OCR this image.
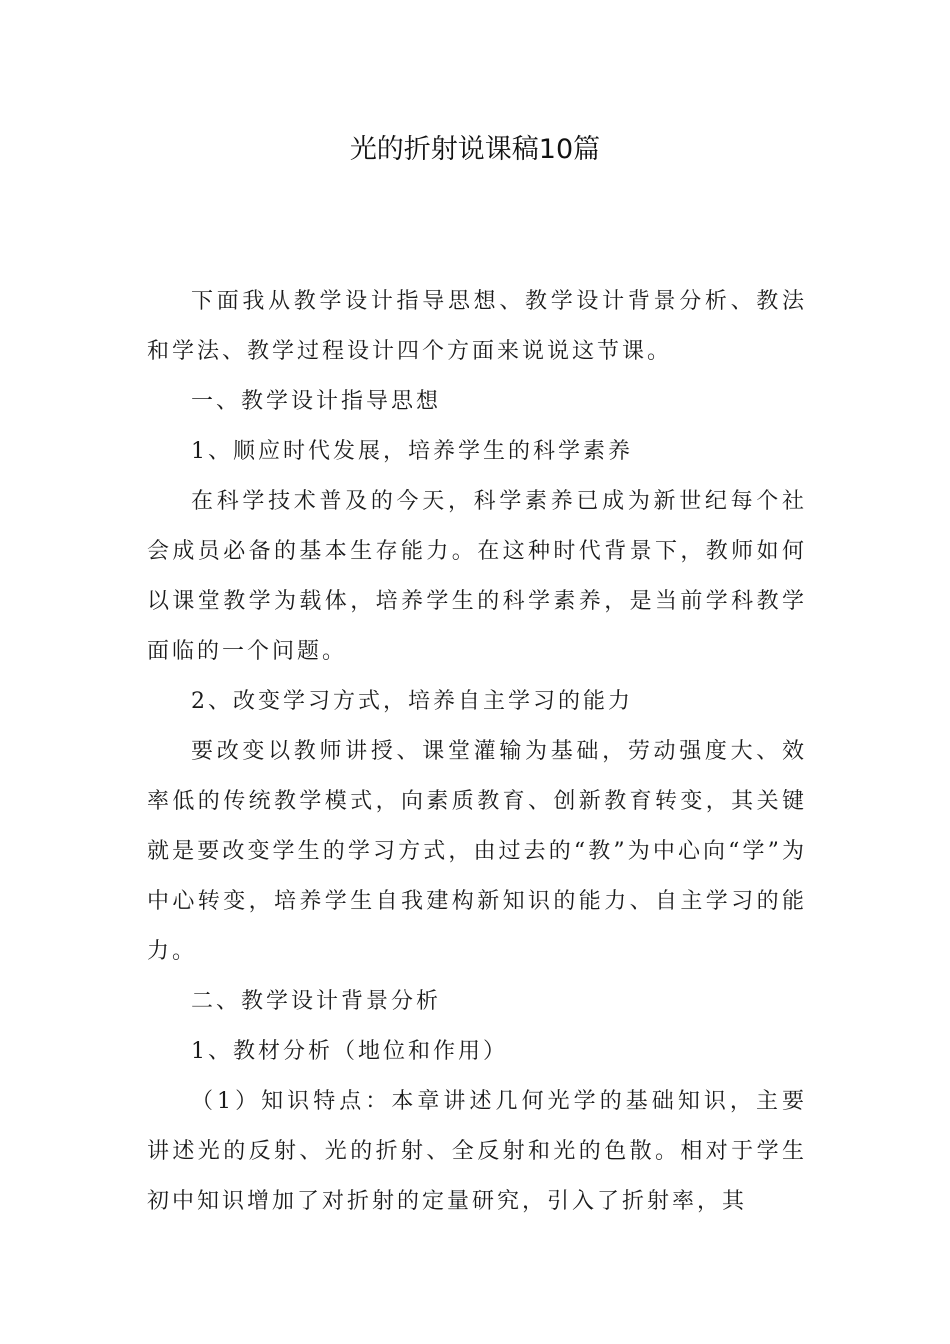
光的折射说课稿10篇

下面我从教学设计指导思想、教学设计背景分析、教法和学法、教学过程设计四个方面来说说这节课。

一、教学设计指导思想

1、顺应时代发展，培养学生的科学素养

在科学技术普及的今天，科学素养已成为新世纪每个社会成员必备的基本生存能力。在这种时代背景下，教师如何以课堂教学为载体，培养学生的科学素养，是当前学科教学面临的一个问题。

2、改变学习方式，培养自主学习的能力

要改变以教师讲授、课堂灌输为基础，劳动强度大、效率低的传统教学模式，向素质教育、创新教育转变，其关键就是要改变学生的学习方式，由过去的“教”为中心向“学”为中心转变，培养学生自我建构新知识的能力、自主学习的能力。

二、教学设计背景分析

1、教材分析（地位和作用）

（1）知识特点：本章讲述几何光学的基础知识，主要讲述光的反射、光的折射、全反射和光的色散。相对于学生初中知识增加了对折射的定量研究，引入了折射率，其
